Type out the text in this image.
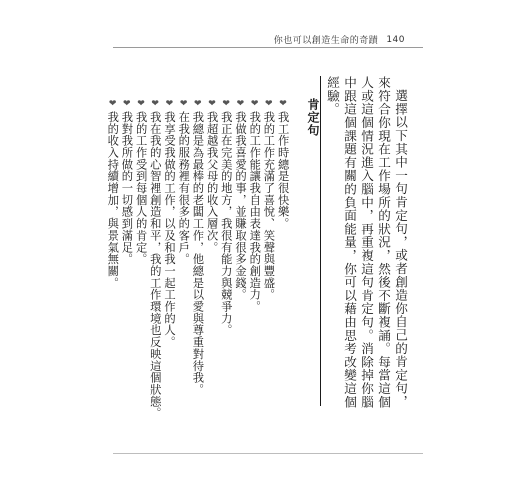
你也可以創造生命的奇蹟 140
選擇以下其中一句肯定句，或者創造你自己的肯定句，來符合你現在工作場所的狀況，然後不斷複誦。每當這個人或這個情況進入腦中，再重複這句肯定句。消除掉你腦中跟這個課題有關的負面能量，你可以藉由思考改變這個經驗。
肯定句
❤
我工作時總是很快樂。
❤
我的工作充滿了喜悅、笑聲與豐盛。
❤
我的工作能讓我自由表達我的創造力。
❤
我做我喜愛的事，並賺取很多金錢。
❤
我正在完美的地方，我很有能力與競爭力。
❤
我超越我父母的收入層次。
❤
我總是為最棒的老闆工作，他總是以愛與尊重對待我。
❤
在我的服務裡有很多的客戶。
❤
我享受我做的工作，以及和我一起工作的人。
❤
我在我的心智裡創造和平，我的工作環境也反映這個狀態。
❤
我的工作受到每個人的肯定。
❤
我對我所做的一切感到滿足。
❤
我的收入持續增加，與景氣無關。
